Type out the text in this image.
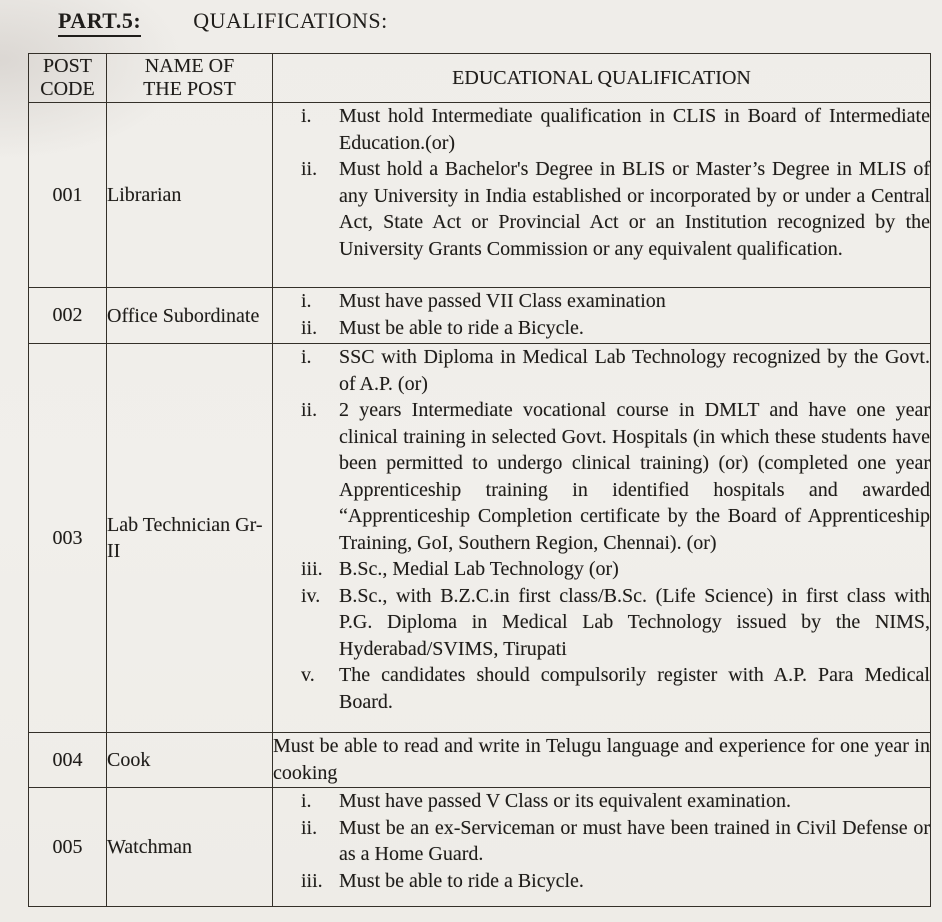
PART.5: QUALIFICATIONS:
POST CODE	NAME OF THE POST	EDUCATIONAL QUALIFICATION
001	Librarian	i. Must hold Intermediate qualification in CLIS in Board of Intermediate Education.(or)
ii. Must hold a Bachelor's Degree in BLIS or Master’s Degree in MLIS of any University in India established or incorporated by or under a Central Act, State Act or Provincial Act or an Institution recognized by the University Grants Commission or any equivalent qualification.

002	Office Subordinate	i. Must have passed VII Class examination
ii. Must be able to ride a Bicycle.

003	Lab Technician Gr-II	
i.	SSC with Diploma in Medical Lab Technology recognized by the Govt. of A.P. (or)
ii.	2 years Intermediate vocational course in DMLT and have one year clinical training in selected Govt. Hospitals (in which these students have been permitted to undergo clinical training) (or) (completed one year Apprenticeship training in identified hospitals and awarded “Apprenticeship Completion certificate by the Board of Apprenticeship Training, GoI, Southern Region, Chennai). (or)
iii. B.Sc., Medial Lab Technology (or)
iv. B.Sc., with B.Z.C.in first class/B.Sc. (Life Science) in first class with P.G. Diploma in Medical Lab Technology issued by the NIMS, Hyderabad/SVIMS, Tirupati
v.	The candidates should compulsorily register with A.P. Para Medical Board.

004	Cook	Must be able to read and write in Telugu language and experience for one year in cooking

005	Watchman	
i.	Must have passed V Class or its equivalent examination.
ii.	Must be an ex-Serviceman or must have been trained in Civil Defense or as a Home Guard.
iii. Must be able to ride a Bicycle.
